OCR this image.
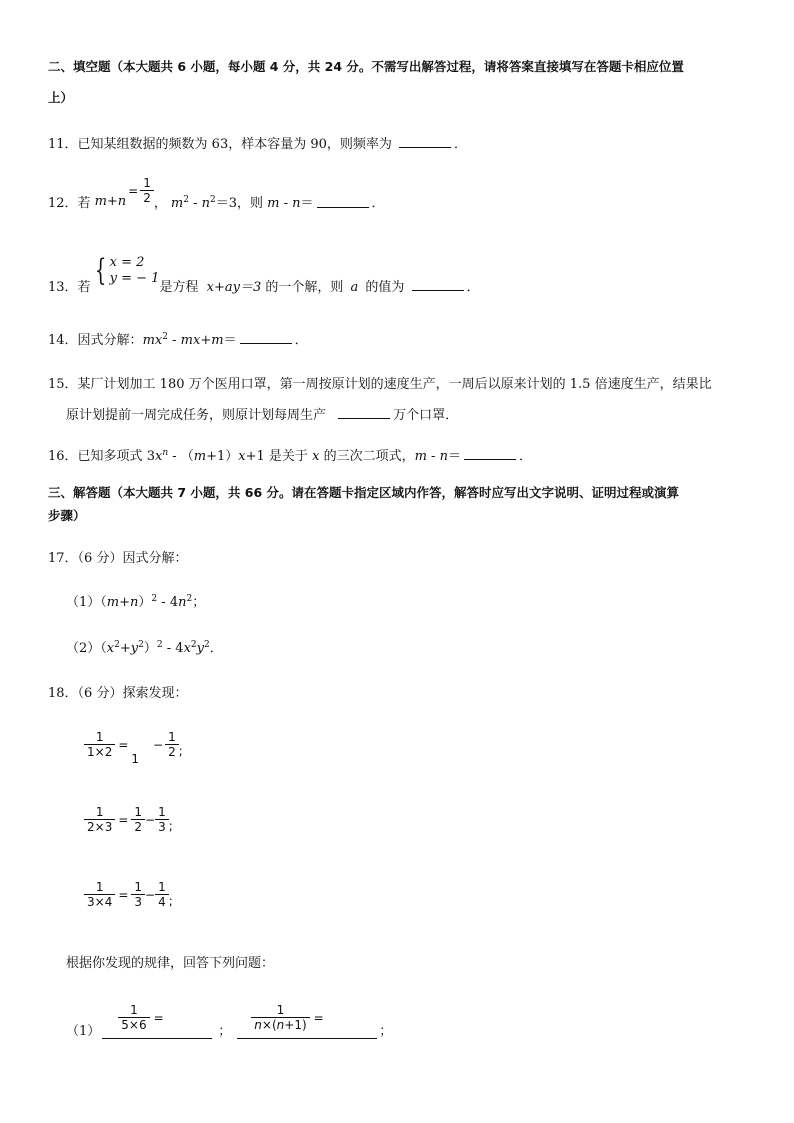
二、填空题（本大题共 6 小题，每小题 4 分，共 24 分。不需写出解答过程，请将答案直接填写在答题卡相应位置
上）
11．已知某组数据的频数为 63，样本容量为 90，则频率为	．
12． 若 m+n
= $\frac{1}{2}$ ， $m^2 - n^2=3$，则 m - n＝	．
13． 若 { x = 2
y = − 1
是方程 x+ay＝3 的一个解，则 a 的值为	．
14．因式分解：$mx^2 - mx+m=$	．
15．某厂计划加工 180 万个医用口罩，第一周按原计划的速度生产，一周后以原来计划的 1.5 倍速度生产，结果比
原计划提前一周完成任务，则原计划每周生产	万个口罩．
16．已知多项式 $3x^n - (m+1)x+1$ 是关于 x 的三次二项式，m - n＝	．
三、解答题（本大题共 7 小题，共 66 分。请在答题卡指定区域内作答，解答时应写出文字说明、证明过程或演算
步骤）
17．（6 分）因式分解：
$(1)(m+n)^2 - 4n^2$；
$(2)(x^2+y^2)^2 - 4x^2y^2$．
18．（6 分）探索发现：
$\frac{1}{1\times 2}$ =
1
− $\frac{1}{2}$ ;
$\frac{1}{2\times 3} = \frac{1}{2} - \frac{1}{3}$ ;
$\frac{1}{3\times 4} = \frac{1}{3} - \frac{1}{4}$ ;
根据你发现的规律，回答下列问题：
$(1) \frac{1}{5\times 6}$ =
； $\frac{1}{n\times(n+1)}$ =
；
